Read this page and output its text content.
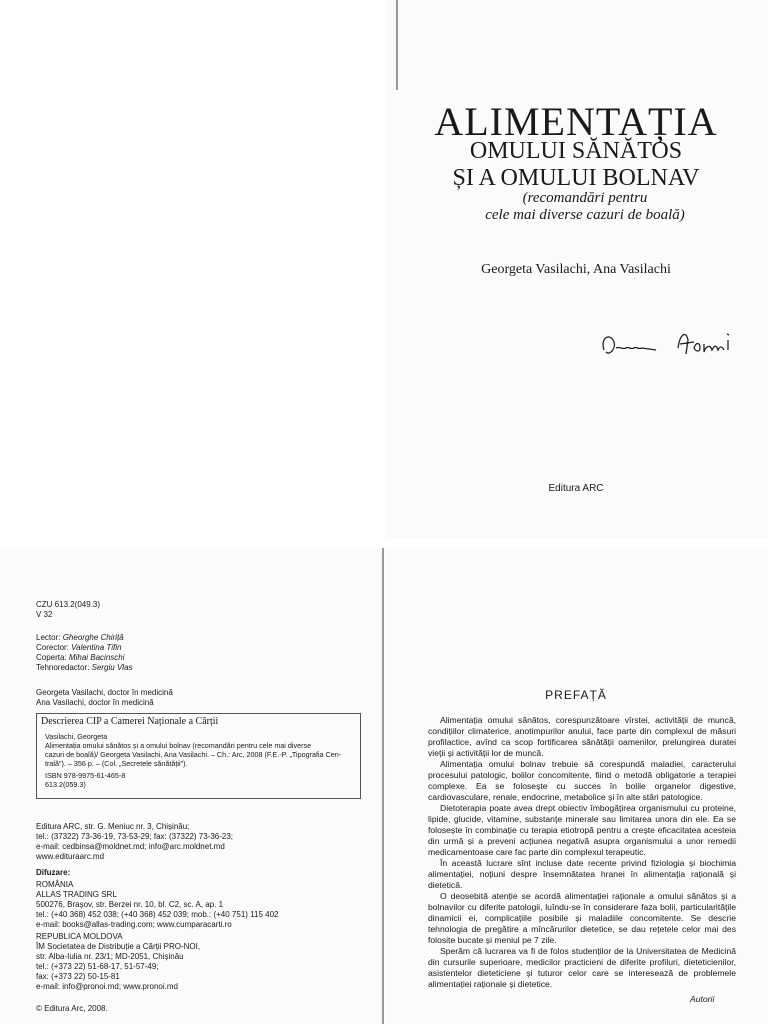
ALIMENTAȚIA
OMULUI SĂNĂTOS
ȘI A OMULUI BOLNAV
(recomandări pentru
cele mai diverse cazuri de boală)
Georgeta Vasilachi, Ana Vasilachi
Editura ARC
CZU 613.2(049.3)
V 32
Lector: Gheorghe Chiriță
Corector: Valentina Tifin
Coperta: Mihai Bacinschi
Tehnoredactor: Sergiu Vlas
Georgeta Vasilachi, doctor în medicină
Ana Vasilachi, doctor în medicină
Descrierea CIP a Camerei Naționale a Cărții
Vasilachi, Georgeta
Alimentația omului sănătos și a omului bolnav (recomandări pentru cele mai diverse
cazuri de boală)/ Georgeta Vasilachi, Ana Vasilachi. – Ch.: Arc, 2008 (F.E.-P. „Tipografia Cen-
trală"). – 356 p. – (Col. „Secretele sănătății").
ISBN 978-9975-61-465-8
613.2(059.3)
Editura ARC, str. G. Meniuc nr. 3, Chișinău;
tel.: (37322) 73-36-19, 73-53-29; fax: (37322) 73-36-23;
e-mail: cedbinsa@moldnet.md; info@arc.moldnet.md
www.edituraarc.md
Difuzare:
ROMÂNIA
ALLAS TRADING SRL
500276, Brașov, str. Berzei nr. 10, bl. C2, sc. A, ap. 1
tel.: (+40 368) 452 038; (+40 368) 452 039; mob.: (+40 751) 115 402
e-mail: books@allas-trading.com; www.cumparacarti.ro
REPUBLICA MOLDOVA
ÎM Societatea de Distribuție a Cărții PRO-NOI,
str. Alba-Iulia nr. 23/1; MD-2051, Chișinău
tel.: (+373 22) 51-68-17, 51-57-49;
fax: (+373 22) 50-15-81
e-mail: info@pronoi.md; www.pronoi.md
© Editura Arc, 2008.
PREFAȚĂ

Alimentația omului sănătos, corespunzătoare vîrstei, activității de muncă, condițiilor climaterice, anotimpurilor anului, face parte din complexul de măsuri profilactice, avînd ca scop fortificarea sănătății oamenilor, prelungirea duratei vieții și activității lor de muncă.

Alimentația omului bolnav trebuie să corespundă maladiei, caracterului procesului patologic, bolilor concomitente, fiind o metodă obligatorie a terapiei complexe. Ea se folosește cu succes în bolile organelor digestive, cardiovasculare, renale, endocrine, metabolice și în alte stări patologice.

Dietoterapia poate avea drept obiectiv îmbogățirea organismului cu proteine, lipide, glucide, vitamine, substanțe minerale sau limitarea unora din ele. Ea se folosește în combinație cu terapia etiotropă pentru a crește eficacitatea acesteia din urmă și a preveni acțiunea negativă asupra organismului a unor remedii medicamentoase care fac parte din complexul terapeutic.

În această lucrare sînt incluse date recente privind fiziologia și biochimia alimentației, noțiuni despre însemnătatea hranei în alimentația rațională și dietetică.

O deosebită atenție se acordă alimentației raționale a omului sănătos și a bolnavilor cu diferite patologii, luîndu-se în considerare faza bolii, particularitățile dinamicii ei, complicațiile posibile și maladiile concomitente. Se descrie tehnologia de pregătire a mîncărurilor dietetice, se dau rețetele celor mai des folosite bucate și meniul pe 7 zile.

Sperăm că lucrarea va fi de folos studenților de la Universitatea de Medicină din cursurile superioare, medicilor practicieni de diferite profiluri, dieteticienilor, asistentelor dieteticiene și tuturor celor care se interesează de problemele alimentației raționale și dietetice.

Autorii
